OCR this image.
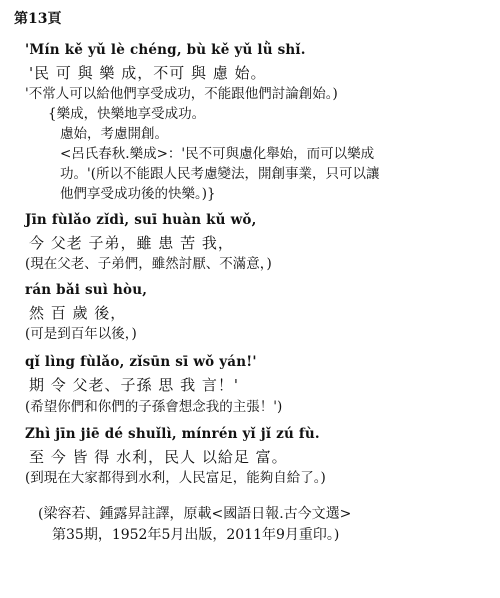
第13頁
'Mín kě yǔ lè chéng, bù kě yǔ lǜ shǐ.
'民 可 與 樂 成，不可 與 慮 始。
'不常人可以給他們享受成功，不能跟他們討論創始。)
{樂成，快樂地享受成功。
慮始，考慮開創。
<呂氏春秋.樂成>：'民不可與慮化舉始，而可以樂成
功。'(所以不能跟人民考慮變法，開創事業，只可以讓
他們享受成功後的快樂。)}
Jīn fùlǎo zǐdì, suī huàn kǔ wǒ,
今 父老 子弟，雖 患 苦 我，
(現在父老、子弟們，雖然討厭、不滿意，)
rán bǎi suì hòu,
然 百 歲 後，
(可是到百年以後，)
qǐ lìng fùlǎo, zǐsūn sī wǒ yán!'
期 令 父老、子孫 思 我 言！'
(希望你們和你們的子孫會想念我的主張！')
Zhì jīn jiē dé shuǐlì, mínrén yǐ jǐ zú fù.
至 今 皆 得 水利，民人 以給足 富。
(到現在大家都得到水利，人民富足，能夠自給了。)
(梁容若、鍾露昇註譯，原載<國語日報.古今文選>
第35期，1952年5月出版，2011年9月重印。)
